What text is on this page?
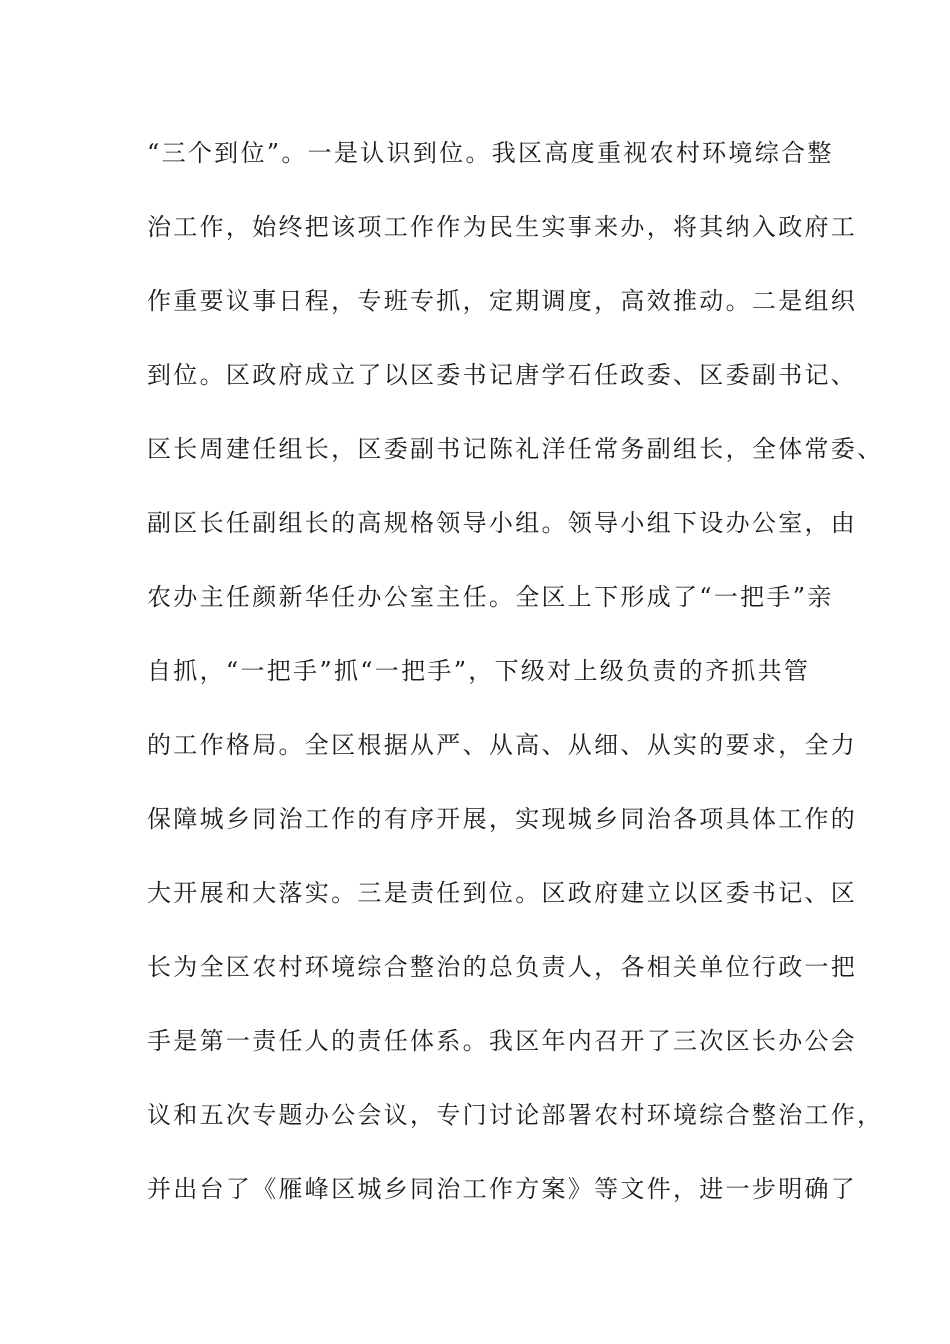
“三个到位”。一是认识到位。我区高度重视农村环境综合整
治工作，始终把该项工作作为民生实事来办，将其纳入政府工
作重要议事日程，专班专抓，定期调度，高效推动。二是组织
到位。区政府成立了以区委书记唐学石任政委、区委副书记、
区长周建任组长，区委副书记陈礼洋任常务副组长，全体常委、
副区长任副组长的高规格领导小组。领导小组下设办公室，由
农办主任颜新华任办公室主任。全区上下形成了“一把手”亲
自抓，“一把手”抓“一把手”，下级对上级负责的齐抓共管
的工作格局。全区根据从严、从高、从细、从实的要求，全力
保障城乡同治工作的有序开展，实现城乡同治各项具体工作的
大开展和大落实。三是责任到位。区政府建立以区委书记、区
长为全区农村环境综合整治的总负责人，各相关单位行政一把
手是第一责任人的责任体系。我区年内召开了三次区长办公会
议和五次专题办公会议，专门讨论部署农村环境综合整治工作，
并出台了《雁峰区城乡同治工作方案》等文件，进一步明确了
